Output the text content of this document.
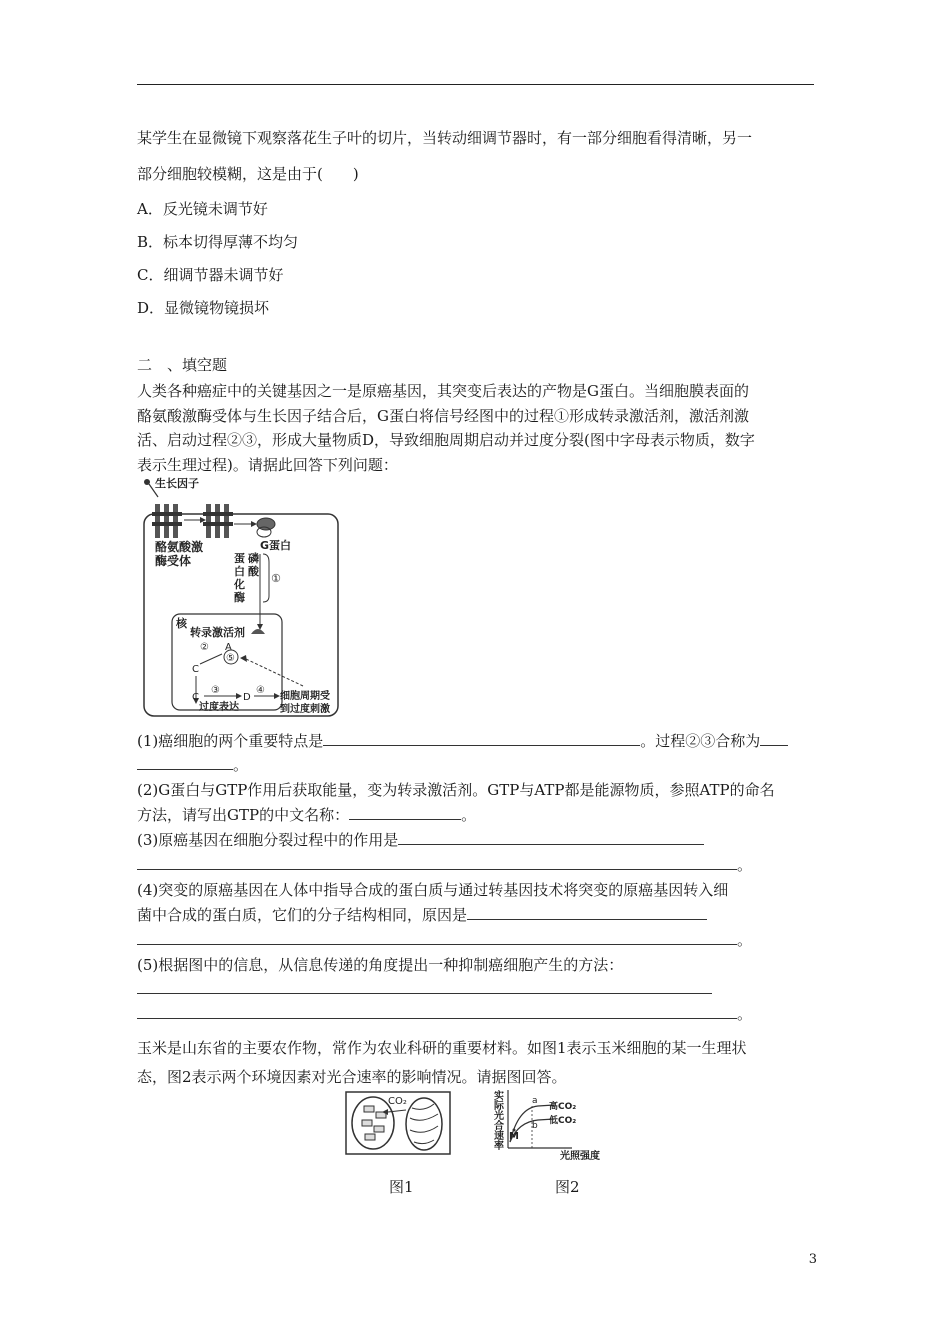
某学生在显微镜下观察落花生子叶的切片，当转动细调节器时，有一部分细胞看得清晰，另一
部分细胞较模糊，这是由于(　　)
A．反光镜未调节好
B．标本切得厚薄不均匀
C．细调节器未调节好
D．显微镜物镜损坏
二　、填空题
人类各种癌症中的关键基因之一是原癌基因，其突变后表达的产物是G蛋白。当细胞膜表面的
酪氨酸激酶受体与生长因子结合后，G蛋白将信号经图中的过程①形成转录激活剂，激活剂激
活、启动过程②③，形成大量物质D，导致细胞周期启动并过度分裂(图中字母表示物质，数字
表示生理过程)。请据此回答下列问题：
生长因子
酪氨酸激
酶受体
G蛋白
蛋 磷
白 酸
化
酶
①
核
转录激活剂
A
②
⑤
C
C
③
过度表达
D
④
细胞周期受
到过度刺激
(1)癌细胞的两个重要特点是	。过程②③合称为
。
(2)G蛋白与GTP作用后获取能量，变为转录激活剂。GTP与ATP都是能源物质，参照ATP的命名
方法，请写出GTP的中文名称：	。
(3)原癌基因在细胞分裂过程中的作用是
。
(4)突变的原癌基因在人体中指导合成的蛋白质与通过转基因技术将突变的原癌基因转入细
菌中合成的蛋白质，它们的分子结构相同，原因是
。
(5)根据图中的信息，从信息传递的角度提出一种抑制癌细胞产生的方法：
。
玉米是山东省的主要农作物，常作为农业科研的重要材料。如图1表示玉米细胞的某一生理状
态，图2表示两个环境因素对光合速率的影响情况。请据图回答。
CO₂
图1
实
际
光
合
速
率
M
a
b
高CO₂
低CO₂
光照强度
图2
3
